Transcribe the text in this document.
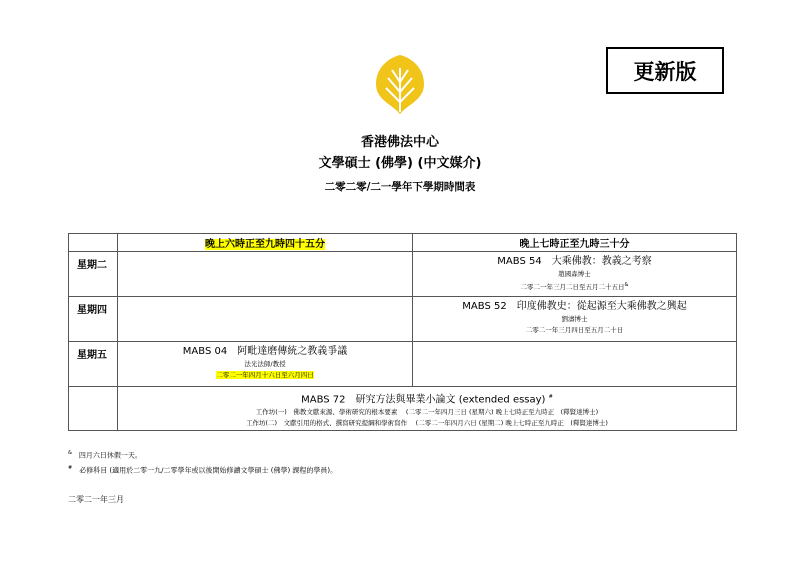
更新版
香港佛法中心
文學碩士 (佛學) (中文媒介)
二零二零/二一學年下學期時間表
	晚上六時正至九時四十五分	晚上七時正至九時三十分
星期二		MABS 54　大乘佛教：教義之考察
趙國森博士
二零二一年三月二日至五月二十五日&

星期四		MABS 52　印度佛教史：從起源至大乘佛教之興起
劉濤博士
二零二一年三月四日至五月二十日

星期五	MABS 04　阿毗達磨傳統之教義爭議
法光法師/教授
二零二一年四月十六日至六月四日	

	MABS 72　研究方法與畢業小論文 (extended essay) #
工作坊(一)　佛教文獻來源、學術研究的根本要素　 (二零二一年四月三日 (星期六) 晚上七時正至九時正　(釋賢達博士)
工作坊(二)　文獻引用的格式、撰寫研究提綱和學術寫作　 (二零二一年四月六日 (星期二) 晚上七時正至九時正　(釋賢達博士)	
&　 四月六日休假一天。
#　 必修科目 (適用於二零一九/二零學年或以後開始修讀文學碩士 (佛學) 課程的學員)。
二零二一年三月
